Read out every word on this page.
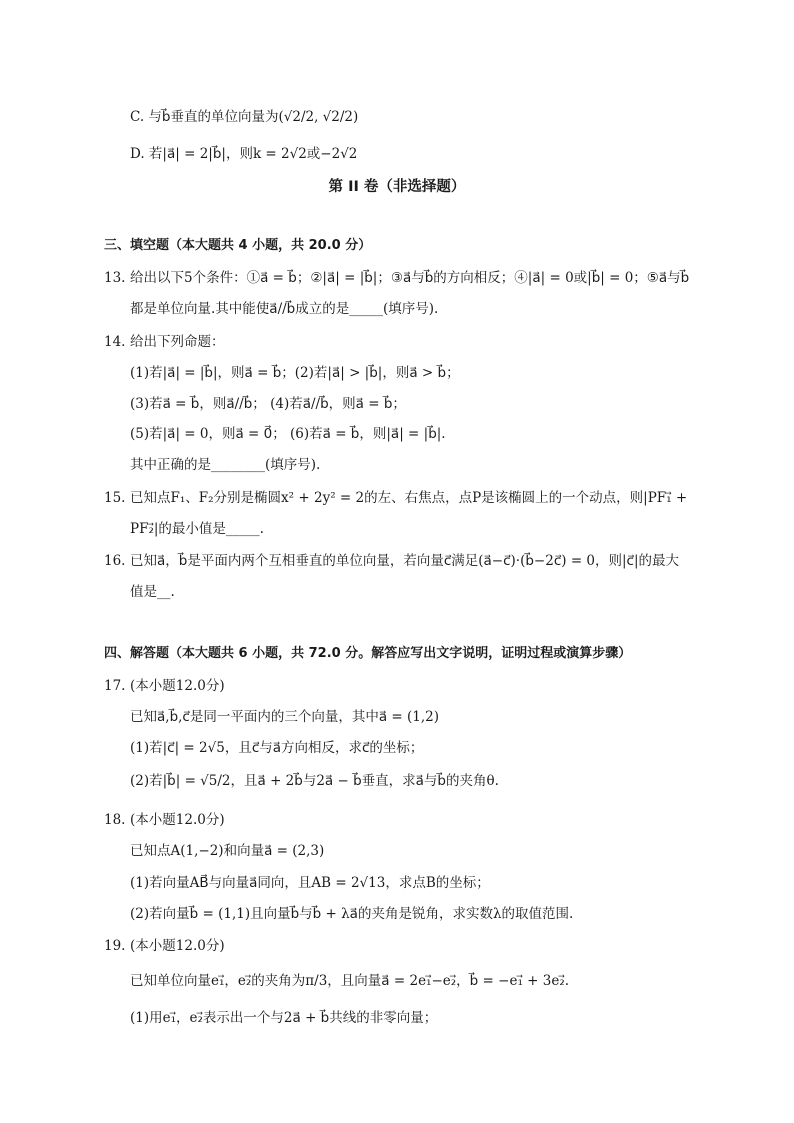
C. 与b⃗垂直的单位向量为(√2/2, √2/2)
D. 若|a⃗| = 2|b⃗|，则k = 2√2或−2√2
第 II 卷（非选择题）
三、填空题（本大题共 4 小题，共 20.0 分）
13. 给出以下5个条件：①a⃗ = b⃗；②|a⃗| = |b⃗|；③a⃗与b⃗的方向相反；④|a⃗| = 0或|b⃗| = 0；⑤a⃗与b⃗
都是单位向量.其中能使a⃗//b⃗成立的是_____(填序号).
14. 给出下列命题：
(1)若|a⃗| = |b⃗|，则a⃗ = b⃗；(2)若|a⃗| > |b⃗|，则a⃗ > b⃗；
(3)若a⃗ = b⃗，则a⃗//b⃗； (4)若a⃗//b⃗，则a⃗ = b⃗；
(5)若|a⃗| = 0，则a⃗ = 0⃗； (6)若a⃗ = b⃗，则|a⃗| = |b⃗|.
其中正确的是________(填序号).
15. 已知点F₁、F₂分别是椭圆x² + 2y² = 2的左、右焦点，点P是该椭圆上的一个动点，则|PF₁⃗ +
PF₂⃗|的最小值是_____.
16. 已知a⃗，b⃗是平面内两个互相垂直的单位向量，若向量c⃗满足(a⃗−c⃗)·(b⃗−2c⃗) = 0，则|c⃗|的最大
值是__.
四、解答题（本大题共 6 小题，共 72.0 分。解答应写出文字说明，证明过程或演算步骤）
17. (本小题12.0分)
已知a⃗,b⃗,c⃗是同一平面内的三个向量，其中a⃗ = (1,2)
(1)若|c⃗| = 2√5，且c⃗与a⃗方向相反，求c⃗的坐标；
(2)若|b⃗| = √5/2，且a⃗ + 2b⃗与2a⃗ − b⃗垂直，求a⃗与b⃗的夹角θ.
18. (本小题12.0分)
已知点A(1,−2)和向量a⃗ = (2,3)
(1)若向量AB⃗与向量a⃗同向，且AB = 2√13，求点B的坐标；
(2)若向量b⃗ = (1,1)且向量b⃗与b⃗ + λa⃗的夹角是锐角，求实数λ的取值范围.
19. (本小题12.0分)
已知单位向量e₁⃗，e₂⃗的夹角为π/3，且向量a⃗ = 2e₁⃗−e₂⃗，b⃗ = −e₁⃗ + 3e₂⃗.
(1)用e₁⃗，e₂⃗表示出一个与2a⃗ + b⃗共线的非零向量；
